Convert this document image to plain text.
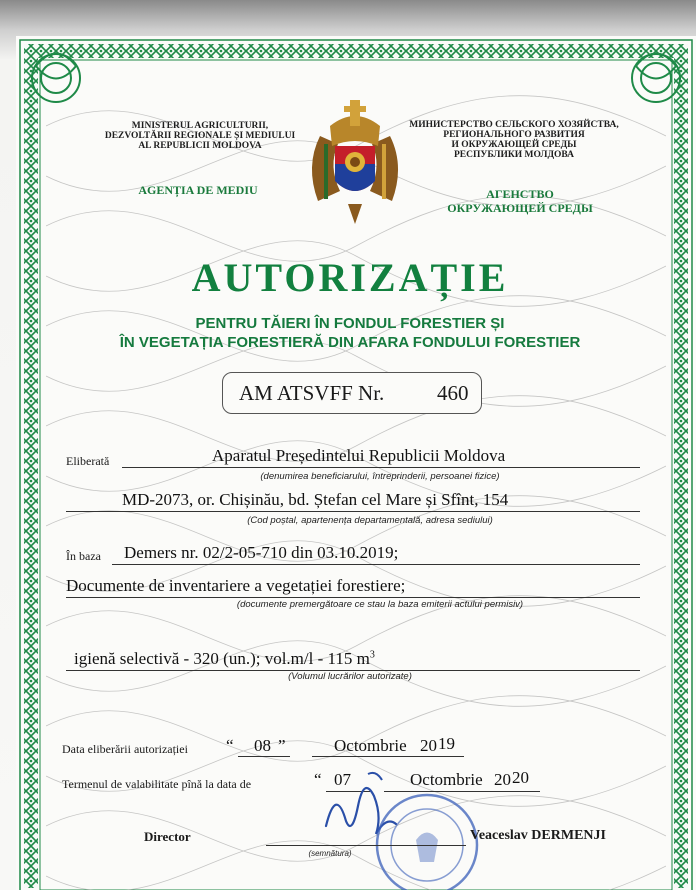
MINISTERUL AGRICULTURII,
DEZVOLTĂRII REGIONALE ȘI MEDIULUI
AL REPUBLICII MOLDOVA
AGENȚIA DE MEDIU
МИНИСТЕРСТВО СЕЛЬСКОГО ХОЗЯЙСТВА,
РЕГИОНАЛЬНОГО РАЗВИТИЯ
И ОКРУЖАЮЩЕЙ СРЕДЫ
РЕСПУБЛИКИ МОЛДОВА
АГЕНСТВО
ОКРУЖАЮЩЕЙ СРЕДЫ
AUTORIZAȚIE
PENTRU TĂIERI ÎN FONDUL FORESTIER ȘI
ÎN VEGETAȚIA FORESTIERĂ DIN AFARA FONDULUI FORESTIER
AM ATSVFF Nr.	460
Eliberată	Aparatul Președintelui Republicii Moldova
(denumirea beneficiarului, întreprinderii, persoanei fizice)
MD-2073, or. Chișinău, bd. Ștefan cel Mare și Sfînt, 154
(Cod poștal, apartenența departamentală, adresa sediului)
În baza Demers nr. 02/2-05-710 din 03.10.2019;
Documente de inventariere a vegetației forestiere;
(documente premergătoare ce stau la baza emiterii actului permisiv)
igienă selectivă - 320 (un.); vol.m/l - 115 $m^3$
(Volumul lucrărilor autorizate)
Data eliberării autorizației “ 08 ”	Octombrie 20 19
Termenul de valabilitate pînă la data de	“ 07	Octombrie 20 20
Director
(semnătura)
Veaceslav DERMENJI
